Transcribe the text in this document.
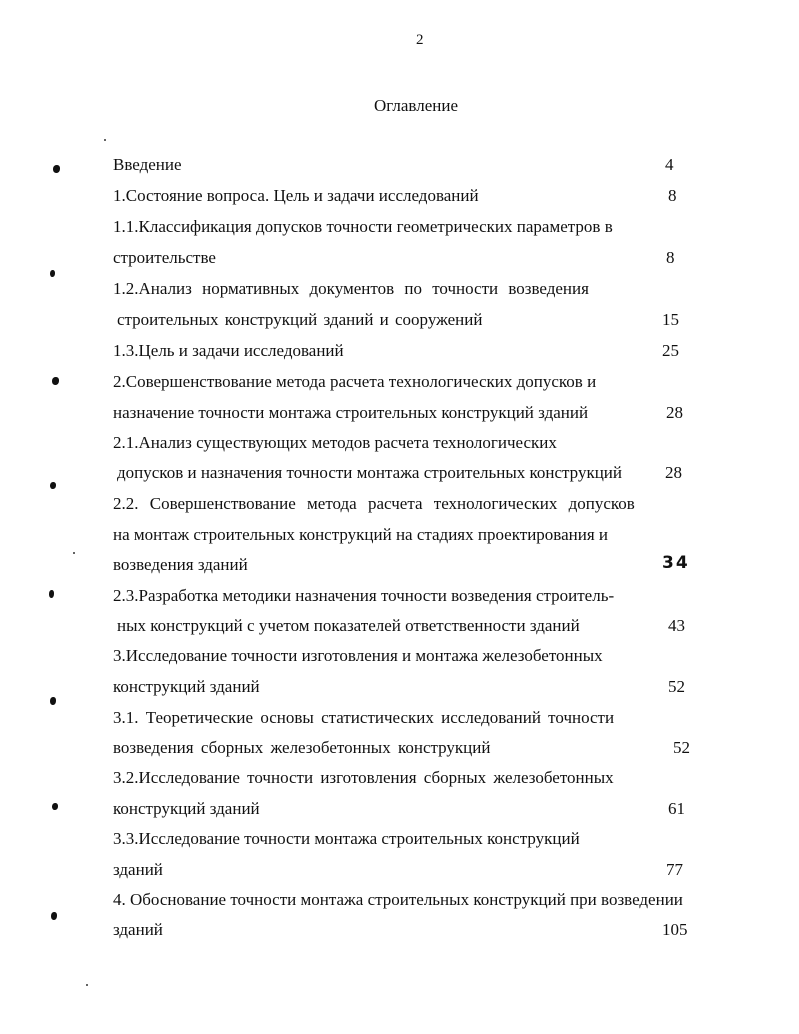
2
Оглавление
Введение	4
1.Состояние вопроса. Цель и задачи исследований	8
1.1.Классификация допусков точности геометрических параметров в
строительстве	8
1.2.Анализ нормативных документов по точности возведения
строительных конструкций зданий и сооружений	15
1.3.Цель и задачи исследований	25
2.Совершенствование метода расчета технологических допусков и
назначение точности монтажа строительных конструкций зданий	28
2.1.Анализ существующих методов расчета технологических
допусков и назначения точности монтажа строительных конструкций	28
2.2. Совершенствование метода расчета технологических допусков
на монтаж строительных конструкций на стадиях проектирования и
возведения зданий	34
2.3.Разработка методики назначения точности возведения строитель-
ных конструкций с учетом показателей ответственности зданий	43
3.Исследование точности изготовления и монтажа железобетонных
конструкций зданий	52
3.1. Теоретические основы статистических исследований точности
возведения сборных железобетонных конструкций	52
3.2.Исследование точности изготовления сборных железобетонных
конструкций зданий	61
3.3.Исследование точности монтажа строительных конструкций
зданий	77
4. Обоснование точности монтажа строительных конструкций при возведении
зданий	105
